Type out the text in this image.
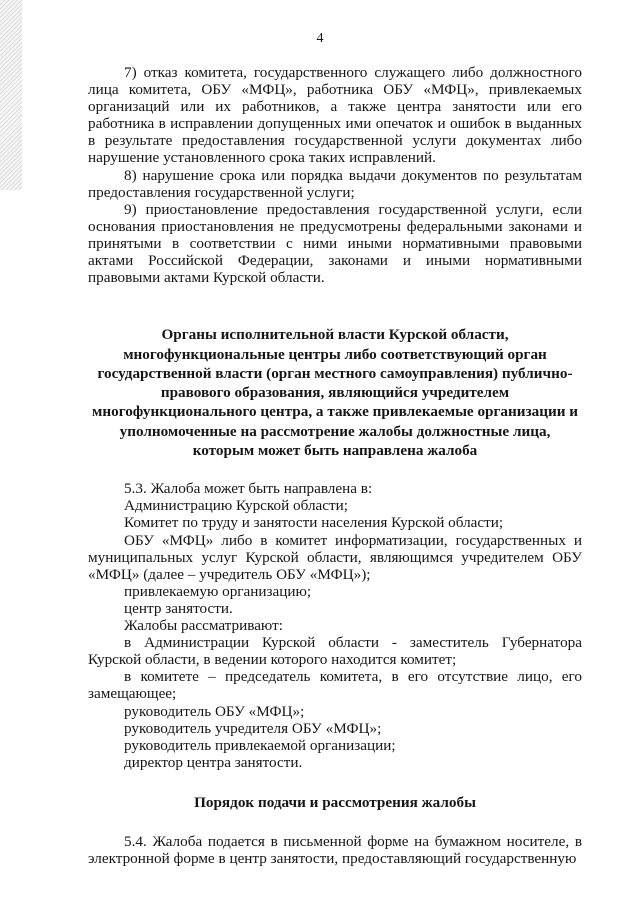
4

7) отказ комитета, государственного служащего либо должностного лица комитета, ОБУ «МФЦ», работника ОБУ «МФЦ», привлекаемых организаций или их работников, а также центра занятости или его работника в исправлении допущенных ими опечаток и ошибок в выданных в результате предоставления государственной услуги документах либо нарушение установленного срока таких исправлений.

8) нарушение срока или порядка выдачи документов по результатам предоставления государственной услуги;

9) приостановление предоставления государственной услуги, если основания приостановления не предусмотрены федеральными законами и принятыми в соответствии с ними иными нормативными правовыми актами Российской Федерации, законами и иными нормативными правовыми актами Курской области.

Органы исполнительной власти Курской области,

многофункциональные центры либо соответствующий орган

государственной власти (орган местного самоуправления) публично-

правового образования, являющийся учредителем

многофункционального центра, а также привлекаемые организации и

уполномоченные на рассмотрение жалобы должностные лица,

которым может быть направлена жалоба

5.3. Жалоба может быть направлена в:

Администрацию Курской области;

Комитет по труду и занятости населения Курской области;

ОБУ «МФЦ» либо в комитет информатизации, государственных и муниципальных услуг Курской области, являющимся учредителем ОБУ «МФЦ» (далее – учредитель ОБУ «МФЦ»);

привлекаемую организацию;

центр занятости.

Жалобы рассматривают:

в Администрации Курской области - заместитель Губернатора Курской области, в ведении которого находится комитет;

в комитете – председатель комитета, в его отсутствие лицо, его замещающее;

руководитель ОБУ «МФЦ»;

руководитель учредителя ОБУ «МФЦ»;

руководитель привлекаемой организации;

директор центра занятости.

Порядок подачи и рассмотрения жалобы

5.4. Жалоба подается в письменной форме на бумажном носителе, в электронной форме в центр занятости, предоставляющий государственную
